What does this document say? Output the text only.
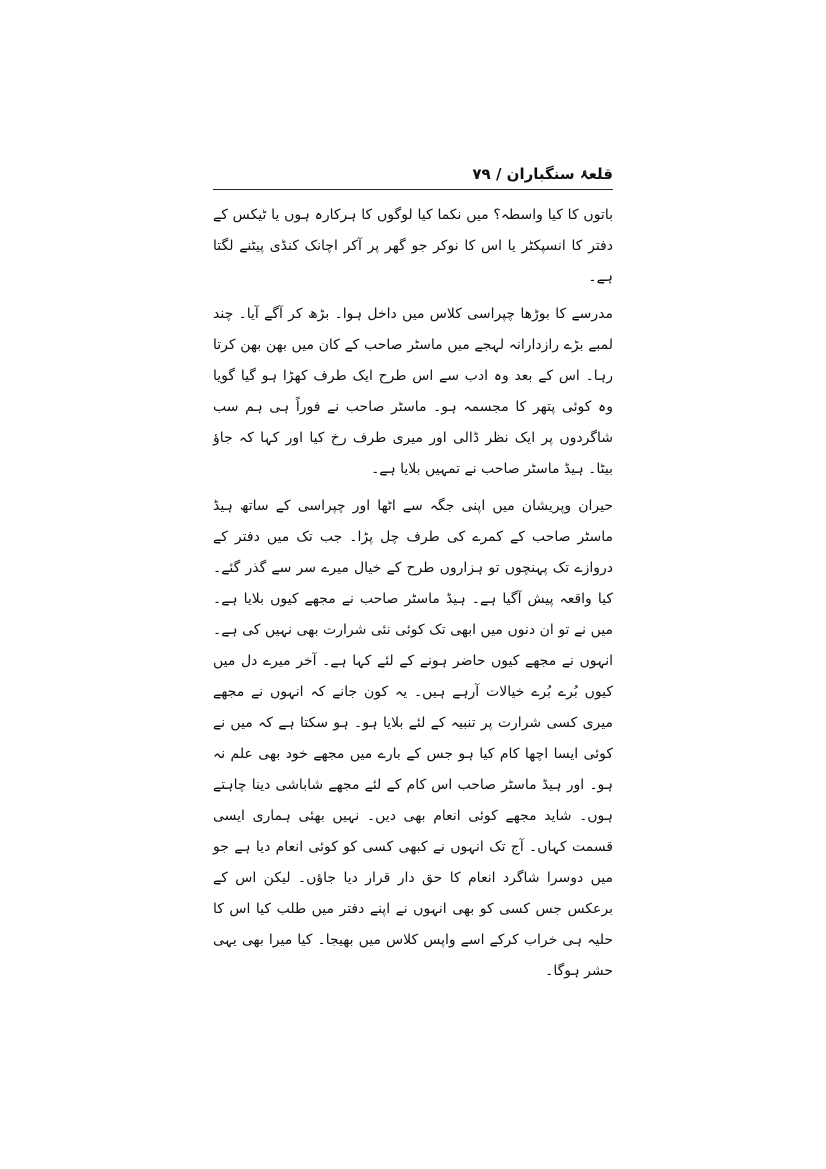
قلعۂ سنگباران / ۷۹

باتوں کا کیا واسطہ؟ میں نکما کیا لوگوں کا ہرکارہ ہوں یا ٹیکس کے دفتر کا انسپکٹر یا اس کا نوکر جو گھر پر آکر اچانک کنڈی پیٹنے لگتا ہے۔

مدرسے کا بوڑھا چپراسی کلاس میں داخل ہوا۔ بڑھ کر آگے آیا۔ چند لمبے بڑے رازدارانہ لہجے میں ماسٹر صاحب کے کان میں بھن بھن کرتا رہا۔ اس کے بعد وہ ادب سے اس طرح ایک طرف کھڑا ہو گیا گویا وہ کوئی پتھر کا مجسمہ ہو۔ ماسٹر صاحب نے فوراً ہی ہم سب شاگردوں پر ایک نظر ڈالی اور میری طرف رخ کیا اور کہا کہ جاؤ بیٹا۔ ہیڈ ماسٹر صاحب نے تمہیں بلایا ہے۔

حیران وپریشان میں اپنی جگہ سے اٹھا اور چپراسی کے ساتھ ہیڈ ماسٹر صاحب کے کمرے کی طرف چل پڑا۔ جب تک میں دفتر کے دروازے تک پہنچوں تو ہزاروں طرح کے خیال میرے سر سے گذر گئے۔ کیا واقعہ پیش آگیا ہے۔ ہیڈ ماسٹر صاحب نے مجھے کیوں بلایا ہے۔ میں نے تو ان دنوں میں ابھی تک کوئی نئی شرارت بھی نہیں کی ہے۔ انہوں نے مجھے کیوں حاضر ہونے کے لئے کہا ہے۔ آخر میرے دل میں کیوں بُرے بُرے خیالات آرہے ہیں۔ یہ کون جانے کہ انہوں نے مجھے میری کسی شرارت پر تنبیہ کے لئے بلایا ہو۔ ہو سکتا ہے کہ میں نے کوئی ایسا اچھا کام کیا ہو جس کے بارے میں مجھے خود بھی علم نہ ہو۔ اور ہیڈ ماسٹر صاحب اس کام کے لئے مجھے شاباشی دینا چاہتے ہوں۔ شاید مجھے کوئی انعام بھی دیں۔ نہیں بھئی ہماری ایسی قسمت کہاں۔ آج تک انہوں نے کبھی کسی کو کوئی انعام دیا ہے جو میں دوسرا شاگرد انعام کا حق دار قرار دیا جاؤں۔ لیکن اس کے برعکس جس کسی کو بھی انہوں نے اپنے دفتر میں طلب کیا اس کا حلیہ ہی خراب کرکے اسے واپس کلاس میں بھیجا۔ کیا میرا بھی یہی حشر ہوگا۔
